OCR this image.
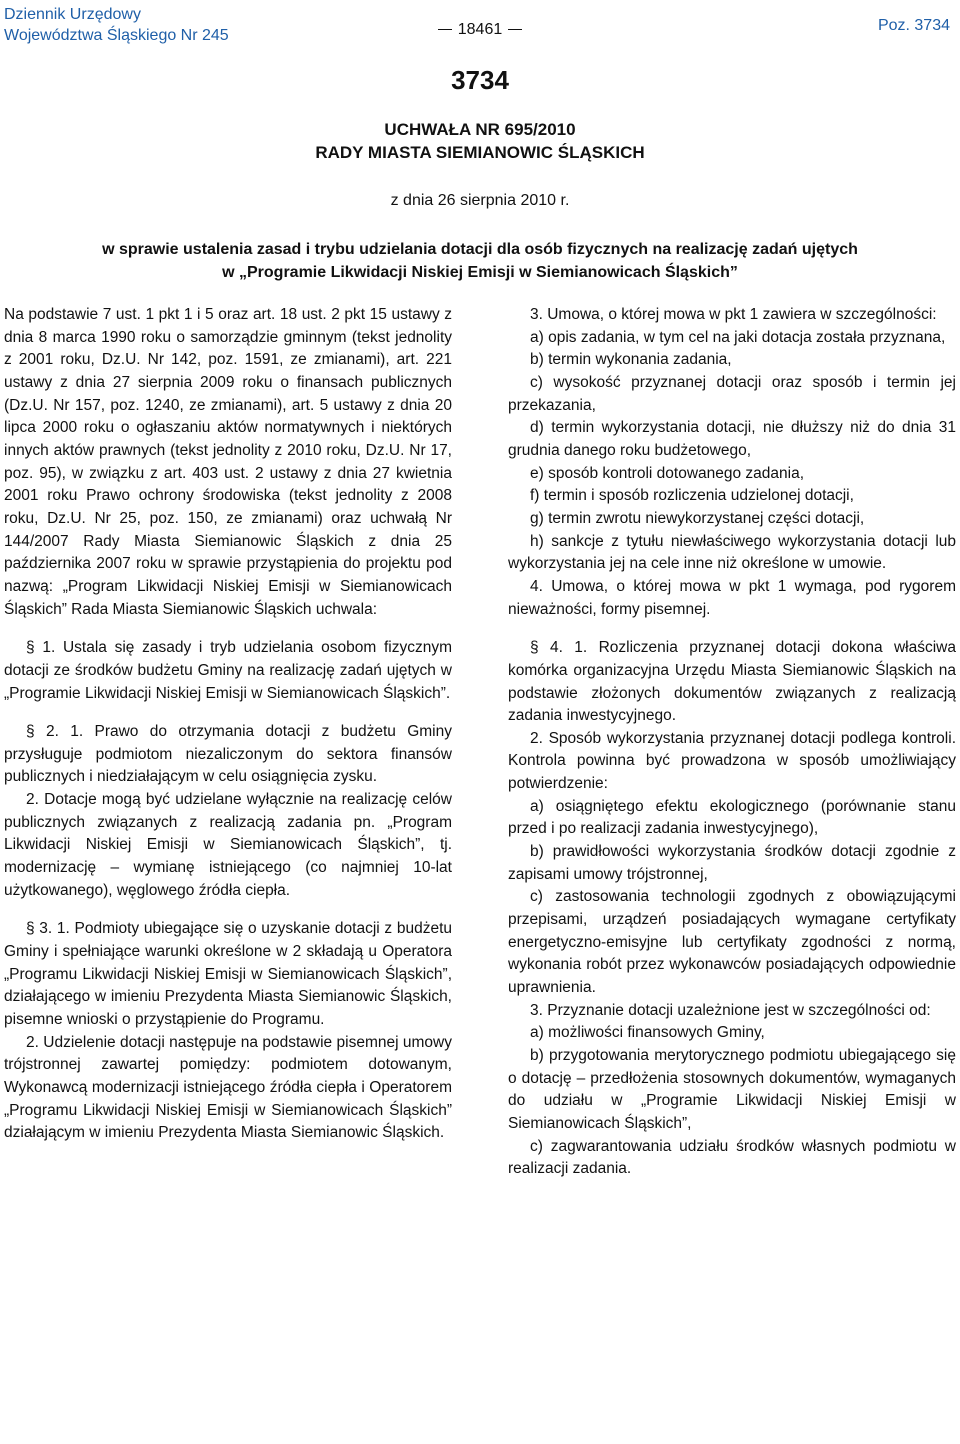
Dziennik Urzędowy
Województwa Śląskiego Nr 245	18461	Poz. 3734
3734
UCHWAŁA NR 695/2010
RADY MIASTA SIEMIANOWIC ŚLĄSKICH
z dnia 26 sierpnia 2010 r.
w sprawie ustalenia zasad i trybu udzielania dotacji dla osób fizycznych na realizację zadań ujętych
w „Programie Likwidacji Niskiej Emisji w Siemianowicach Śląskich”

Na podstawie 7 ust. 1 pkt 1 i 5 oraz art. 18 ust. 2 pkt 15 ustawy z dnia 8 marca 1990 roku o samorządzie gminnym (tekst jednolity z 2001 roku, Dz.U. Nr 142, poz. 1591, ze zmianami), art. 221 ustawy z dnia 27 sierpnia 2009 roku o finansach publicznych (Dz.U. Nr 157, poz. 1240, ze zmianami), art. 5 ustawy z dnia 20 lipca 2000 roku o ogłaszaniu aktów normatywnych i niektórych innych aktów prawnych (tekst jednolity z 2010 roku, Dz.U. Nr 17, poz. 95), w związku z art. 403 ust. 2 ustawy z dnia 27 kwietnia 2001 roku Prawo ochrony środowiska (tekst jednolity z 2008 roku, Dz.U. Nr 25, poz. 150, ze zmianami) oraz uchwałą Nr 144/2007 Rady Miasta Siemianowic Śląskich z dnia 25 października 2007 roku w sprawie przystąpienia do projektu pod nazwą: „Program Likwidacji Niskiej Emisji w Siemianowicach Śląskich” Rada Miasta Siemianowic Śląskich uchwala:

§ 1. Ustala się zasady i tryb udzielania osobom fizycznym dotacji ze środków budżetu Gminy na realizację zadań ujętych w „Programie Likwidacji Niskiej Emisji w Siemianowicach Śląskich”.

§ 2. 1. Prawo do otrzymania dotacji z budżetu Gminy przysługuje podmiotom niezaliczonym do sektora finansów publicznych i niedziałającym w celu osiągnięcia zysku.

2. Dotacje mogą być udzielane wyłącznie na realizację celów publicznych związanych z realizacją zadania pn. „Program Likwidacji Niskiej Emisji w Siemianowicach Śląskich”, tj. modernizację – wymianę istniejącego (co najmniej 10-lat użytkowanego), węglowego źródła ciepła.

§ 3. 1. Podmioty ubiegające się o uzyskanie dotacji z budżetu Gminy i spełniające warunki określone w 2 składają u Operatora „Programu Likwidacji Niskiej Emisji w Siemianowicach Śląskich”, działającego w imieniu Prezydenta Miasta Siemianowic Śląskich, pisemne wnioski o przystąpienie do Programu.

2. Udzielenie dotacji następuje na podstawie pisemnej umowy trójstronnej zawartej pomiędzy: podmiotem dotowanym, Wykonawcą modernizacji istniejącego źródła ciepła i Operatorem „Programu Likwidacji Niskiej Emisji w Siemianowicach Śląskich” działającym w imieniu Prezydenta Miasta Siemianowic Śląskich.

3. Umowa, o której mowa w pkt 1 zawiera w szczególności:

a) opis zadania, w tym cel na jaki dotacja została przyznana,

b) termin wykonania zadania,

c) wysokość przyznanej dotacji oraz sposób i termin jej przekazania,

d) termin wykorzystania dotacji, nie dłuższy niż do dnia 31 grudnia danego roku budżetowego,

e) sposób kontroli dotowanego zadania,

f) termin i sposób rozliczenia udzielonej dotacji,

g) termin zwrotu niewykorzystanej części dotacji,

h) sankcje z tytułu niewłaściwego wykorzystania dotacji lub wykorzystania jej na cele inne niż określone w umowie.

4. Umowa, o której mowa w pkt 1 wymaga, pod rygorem nieważności, formy pisemnej.

§ 4. 1. Rozliczenia przyznanej dotacji dokona właściwa komórka organizacyjna Urzędu Miasta Siemianowic Śląskich na podstawie złożonych dokumentów związanych z realizacją zadania inwestycyjnego.

2. Sposób wykorzystania przyznanej dotacji podlega kontroli. Kontrola powinna być prowadzona w sposób umożliwiający potwierdzenie:

a) osiągniętego efektu ekologicznego (porównanie stanu przed i po realizacji zadania inwestycyjnego),

b) prawidłowości wykorzystania środków dotacji zgodnie z zapisami umowy trójstronnej,

c) zastosowania technologii zgodnych z obowiązującymi przepisami, urządzeń posiadających wymagane certyfikaty energetyczno-emisyjne lub certyfikaty zgodności z normą, wykonania robót przez wykonawców posiadających odpowiednie uprawnienia.

3. Przyznanie dotacji uzależnione jest w szczególności od:

a) możliwości finansowych Gminy,

b) przygotowania merytorycznego podmiotu ubiegającego się o dotację – przedłożenia stosownych dokumentów, wymaganych do udziału w „Programie Likwidacji Niskiej Emisji w Siemianowicach Śląskich”,

c) zagwarantowania udziału środków własnych podmiotu w realizacji zadania.
